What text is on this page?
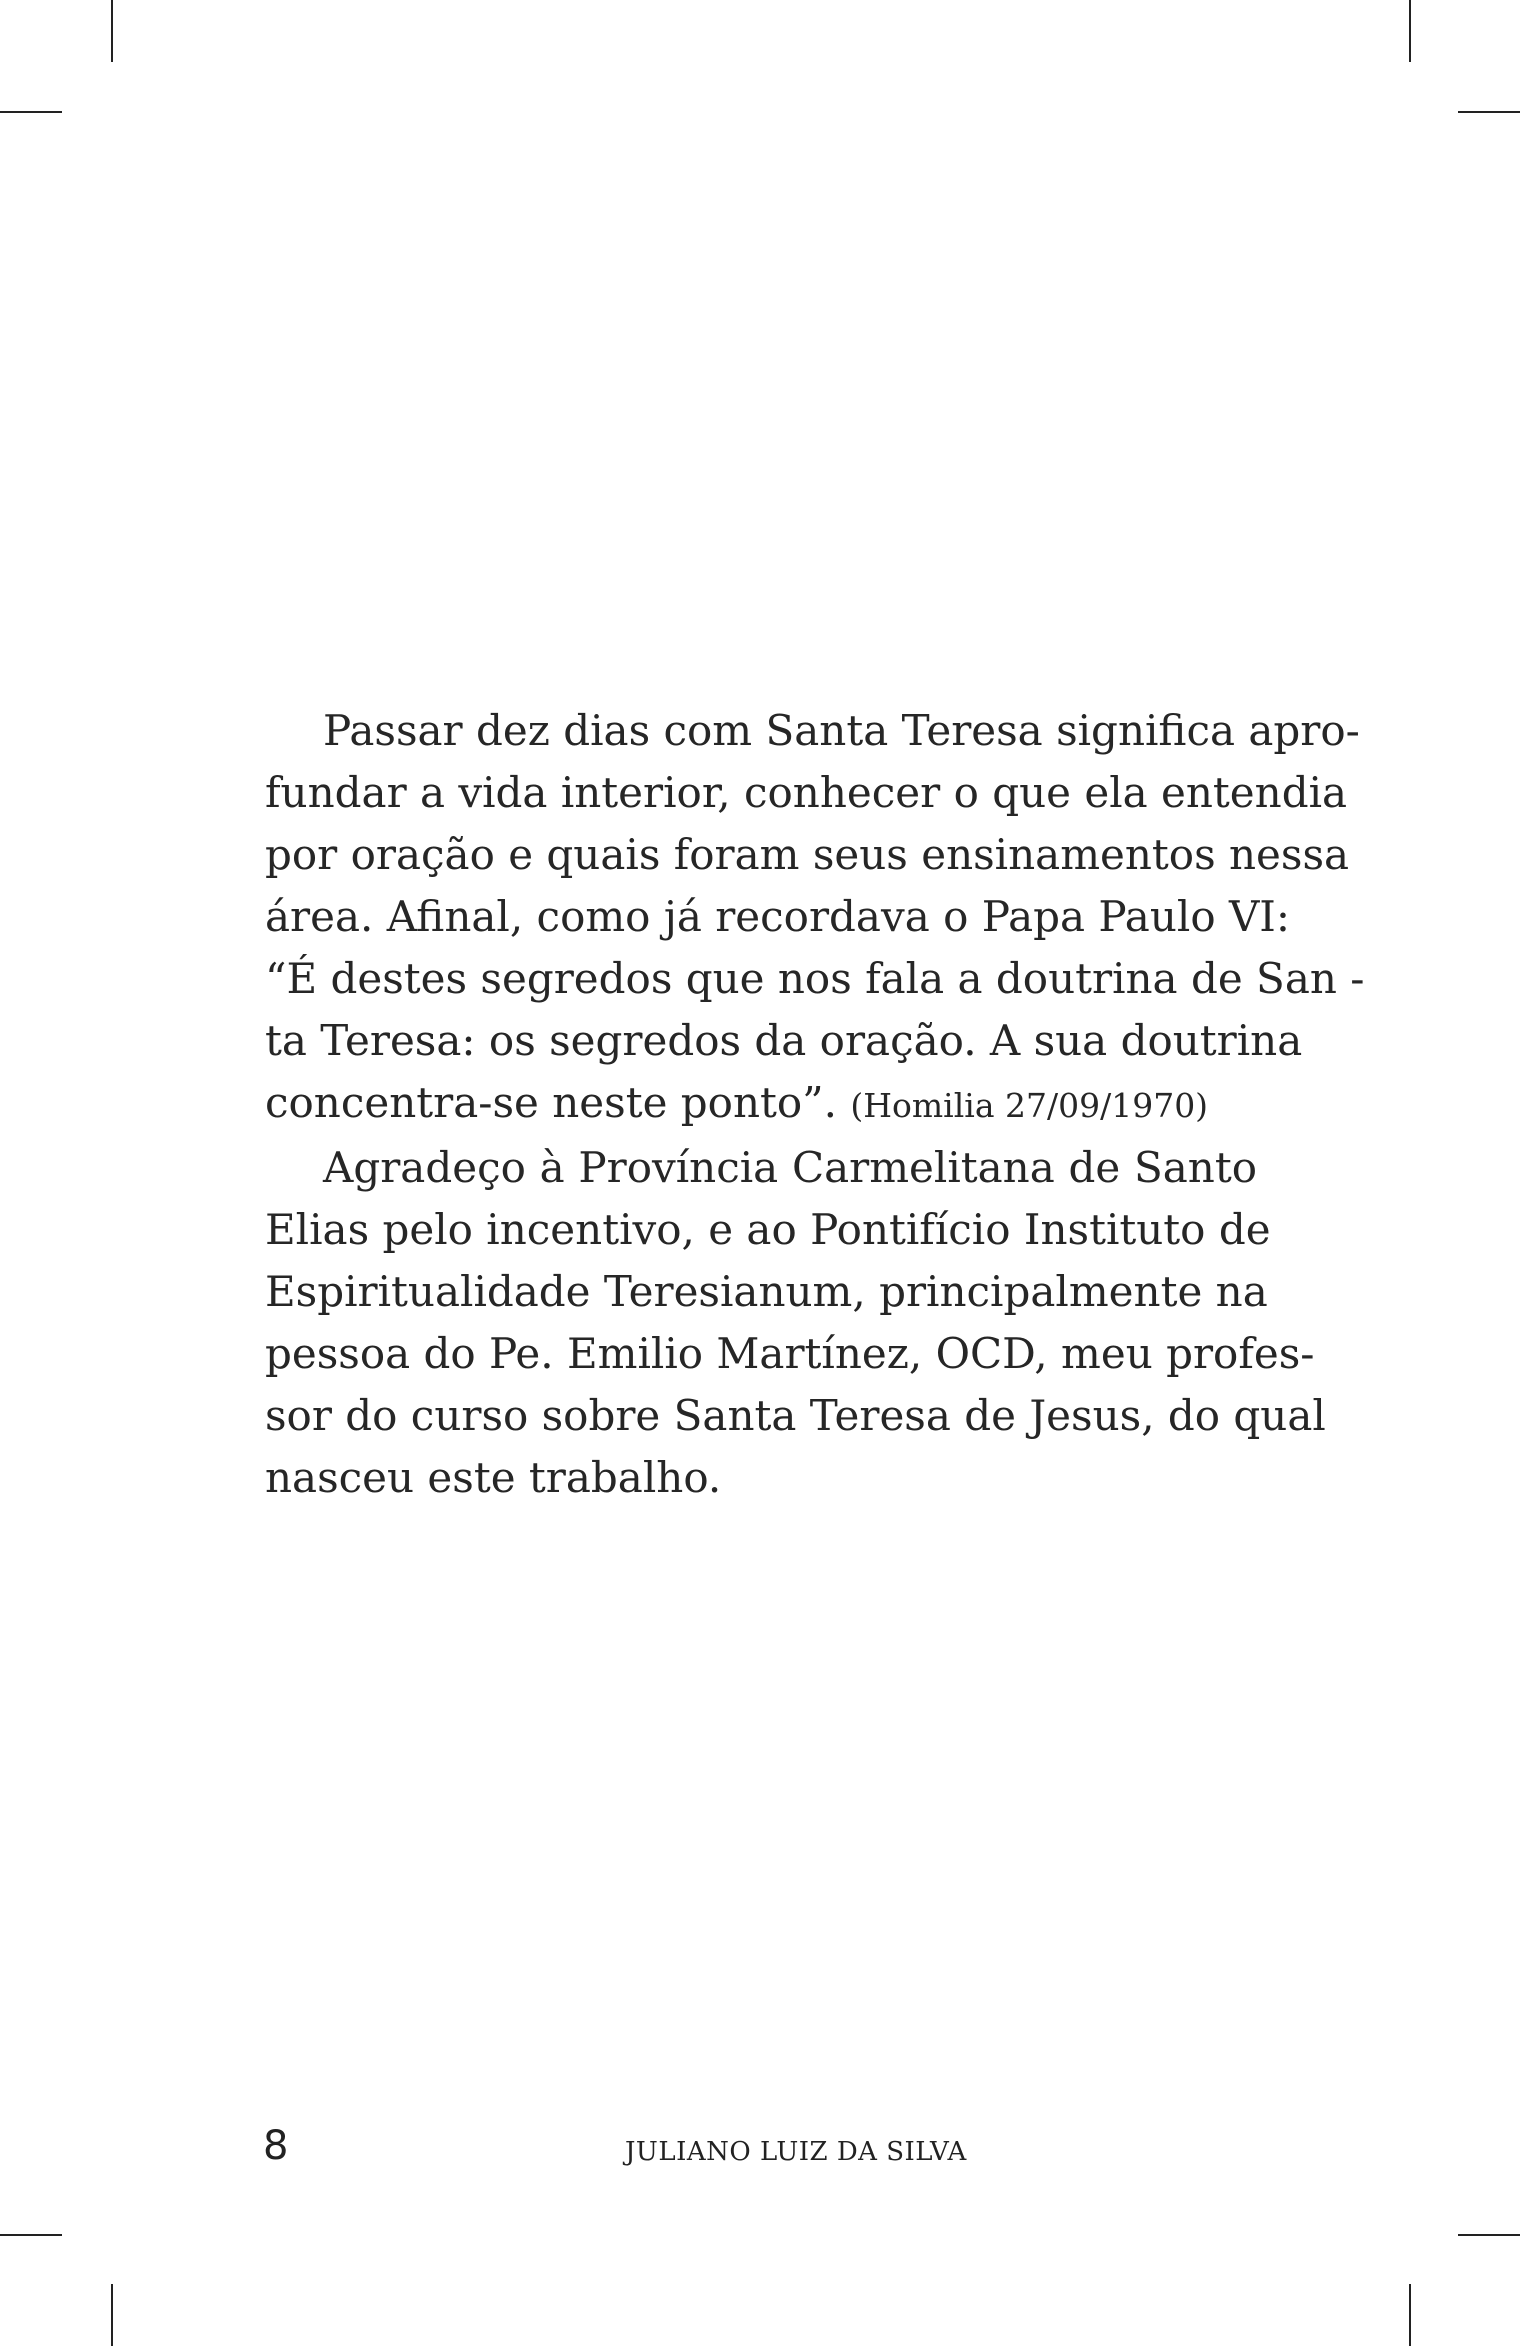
Passar dez dias com Santa Teresa significa apro-
fundar a vida interior, conhecer o que ela entendia
por oração e quais foram seus ensinamentos nessa
área. Afinal, como já recordava o Papa Paulo VI:
“É destes segredos que nos fala a doutrina de San -
ta Teresa: os segredos da oração. A sua doutrina
concentra-se neste ponto”. (Homilia 27/09/1970)
Agradeço à Província Carmelitana de Santo
Elias pelo incentivo, e ao Pontifício Instituto de
Espiritualidade Teresianum, principalmente na
pessoa do Pe. Emilio Martínez, OCD, meu profes-
sor do curso sobre Santa Teresa de Jesus, do qual
nasceu este trabalho.
8	JULIANO LUIZ DA SILVA
